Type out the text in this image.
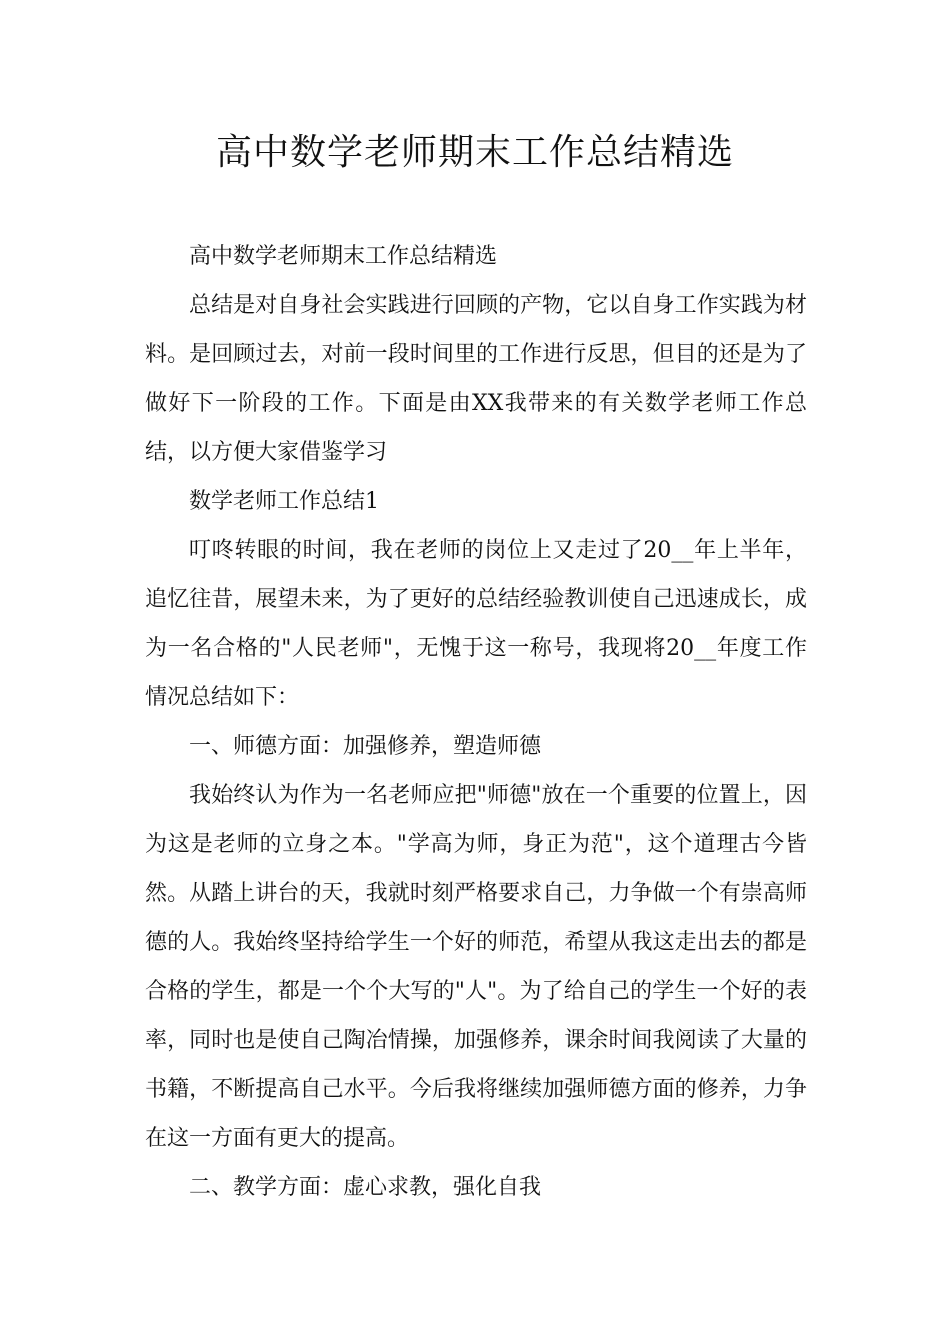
高中数学老师期末工作总结精选

高中数学老师期末工作总结精选

总结是对自身社会实践进行回顾的产物，它以自身工作实践为材料。是回顾过去，对前一段时间里的工作进行反思，但目的还是为了做好下一阶段的工作。下面是由XX我带来的有关数学老师工作总结，以方便大家借鉴学习

数学老师工作总结1

叮咚转眼的时间，我在老师的岗位上又走过了20__年上半年，追忆往昔，展望未来，为了更好的总结经验教训使自己迅速成长，成为一名合格的"人民老师"，无愧于这一称号，我现将20__年度工作情况总结如下：

一、师德方面：加强修养，塑造师德

我始终认为作为一名老师应把"师德"放在一个重要的位置上，因为这是老师的立身之本。"学高为师，身正为范"，这个道理古今皆然。从踏上讲台的天，我就时刻严格要求自己，力争做一个有崇高师德的人。我始终坚持给学生一个好的师范，希望从我这走出去的都是合格的学生，都是一个个大写的"人"。为了给自己的学生一个好的表率，同时也是使自己陶冶情操，加强修养，课余时间我阅读了大量的书籍，不断提高自己水平。今后我将继续加强师德方面的修养，力争在这一方面有更大的提高。

二、教学方面：虚心求教，强化自我
